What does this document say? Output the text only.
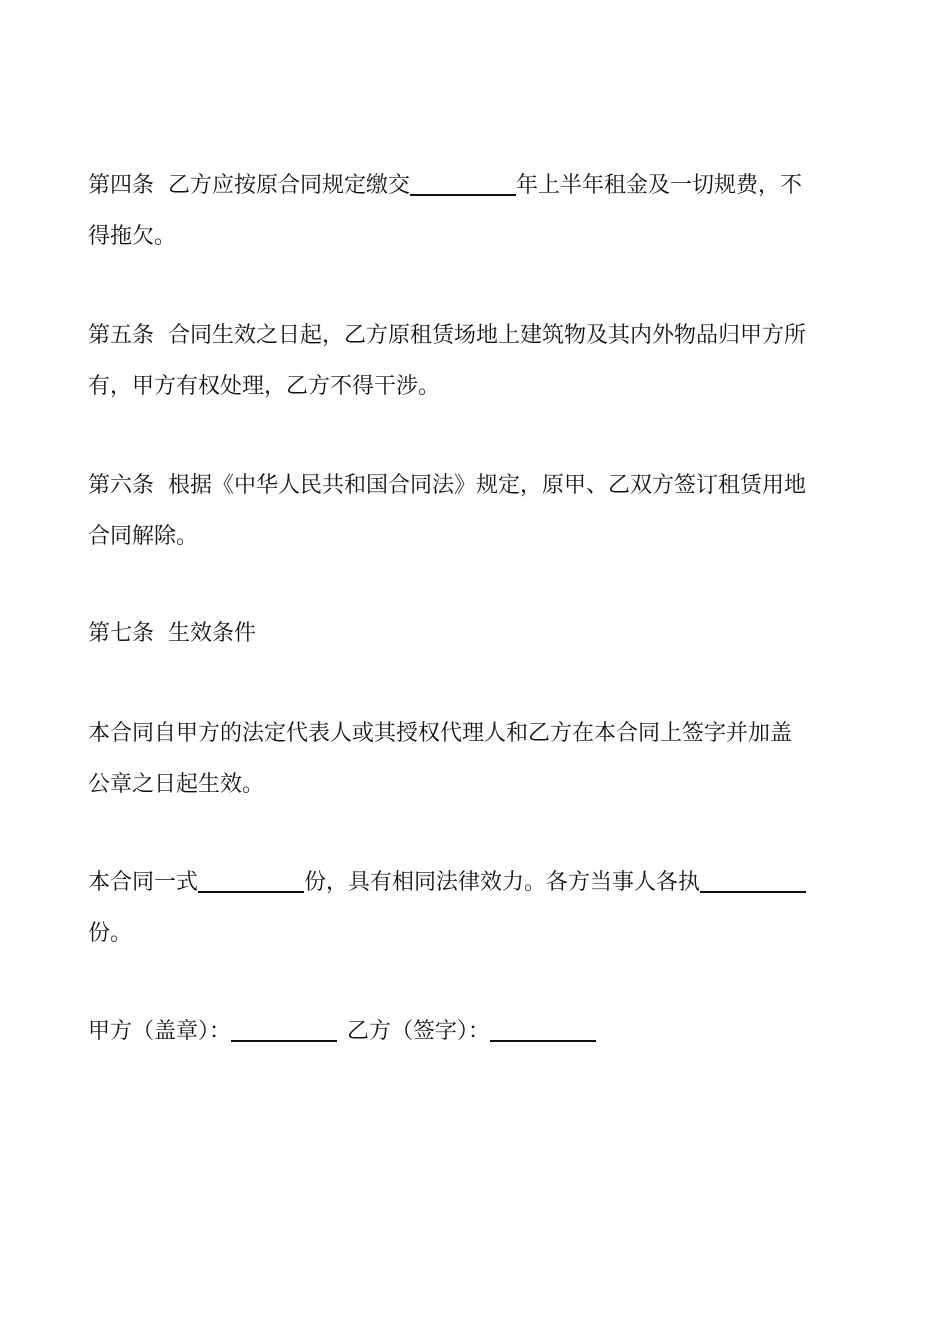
第四条 乙方应按原合同规定缴交	年上半年租金及一切规费，不
得拖欠。
第五条 合同生效之日起，乙方原租赁场地上建筑物及其内外物品归甲方所
有，甲方有权处理，乙方不得干涉。
第六条 根据《中华人民共和国合同法》规定，原甲、乙双方签订租赁用地
合同解除。
第七条 生效条件
本合同自甲方的法定代表人或其授权代理人和乙方在本合同上签字并加盖
公章之日起生效。
本合同一式	份，具有相同法律效力。各方当事人各执
份。
甲方（盖章）：	乙方（签字）：
